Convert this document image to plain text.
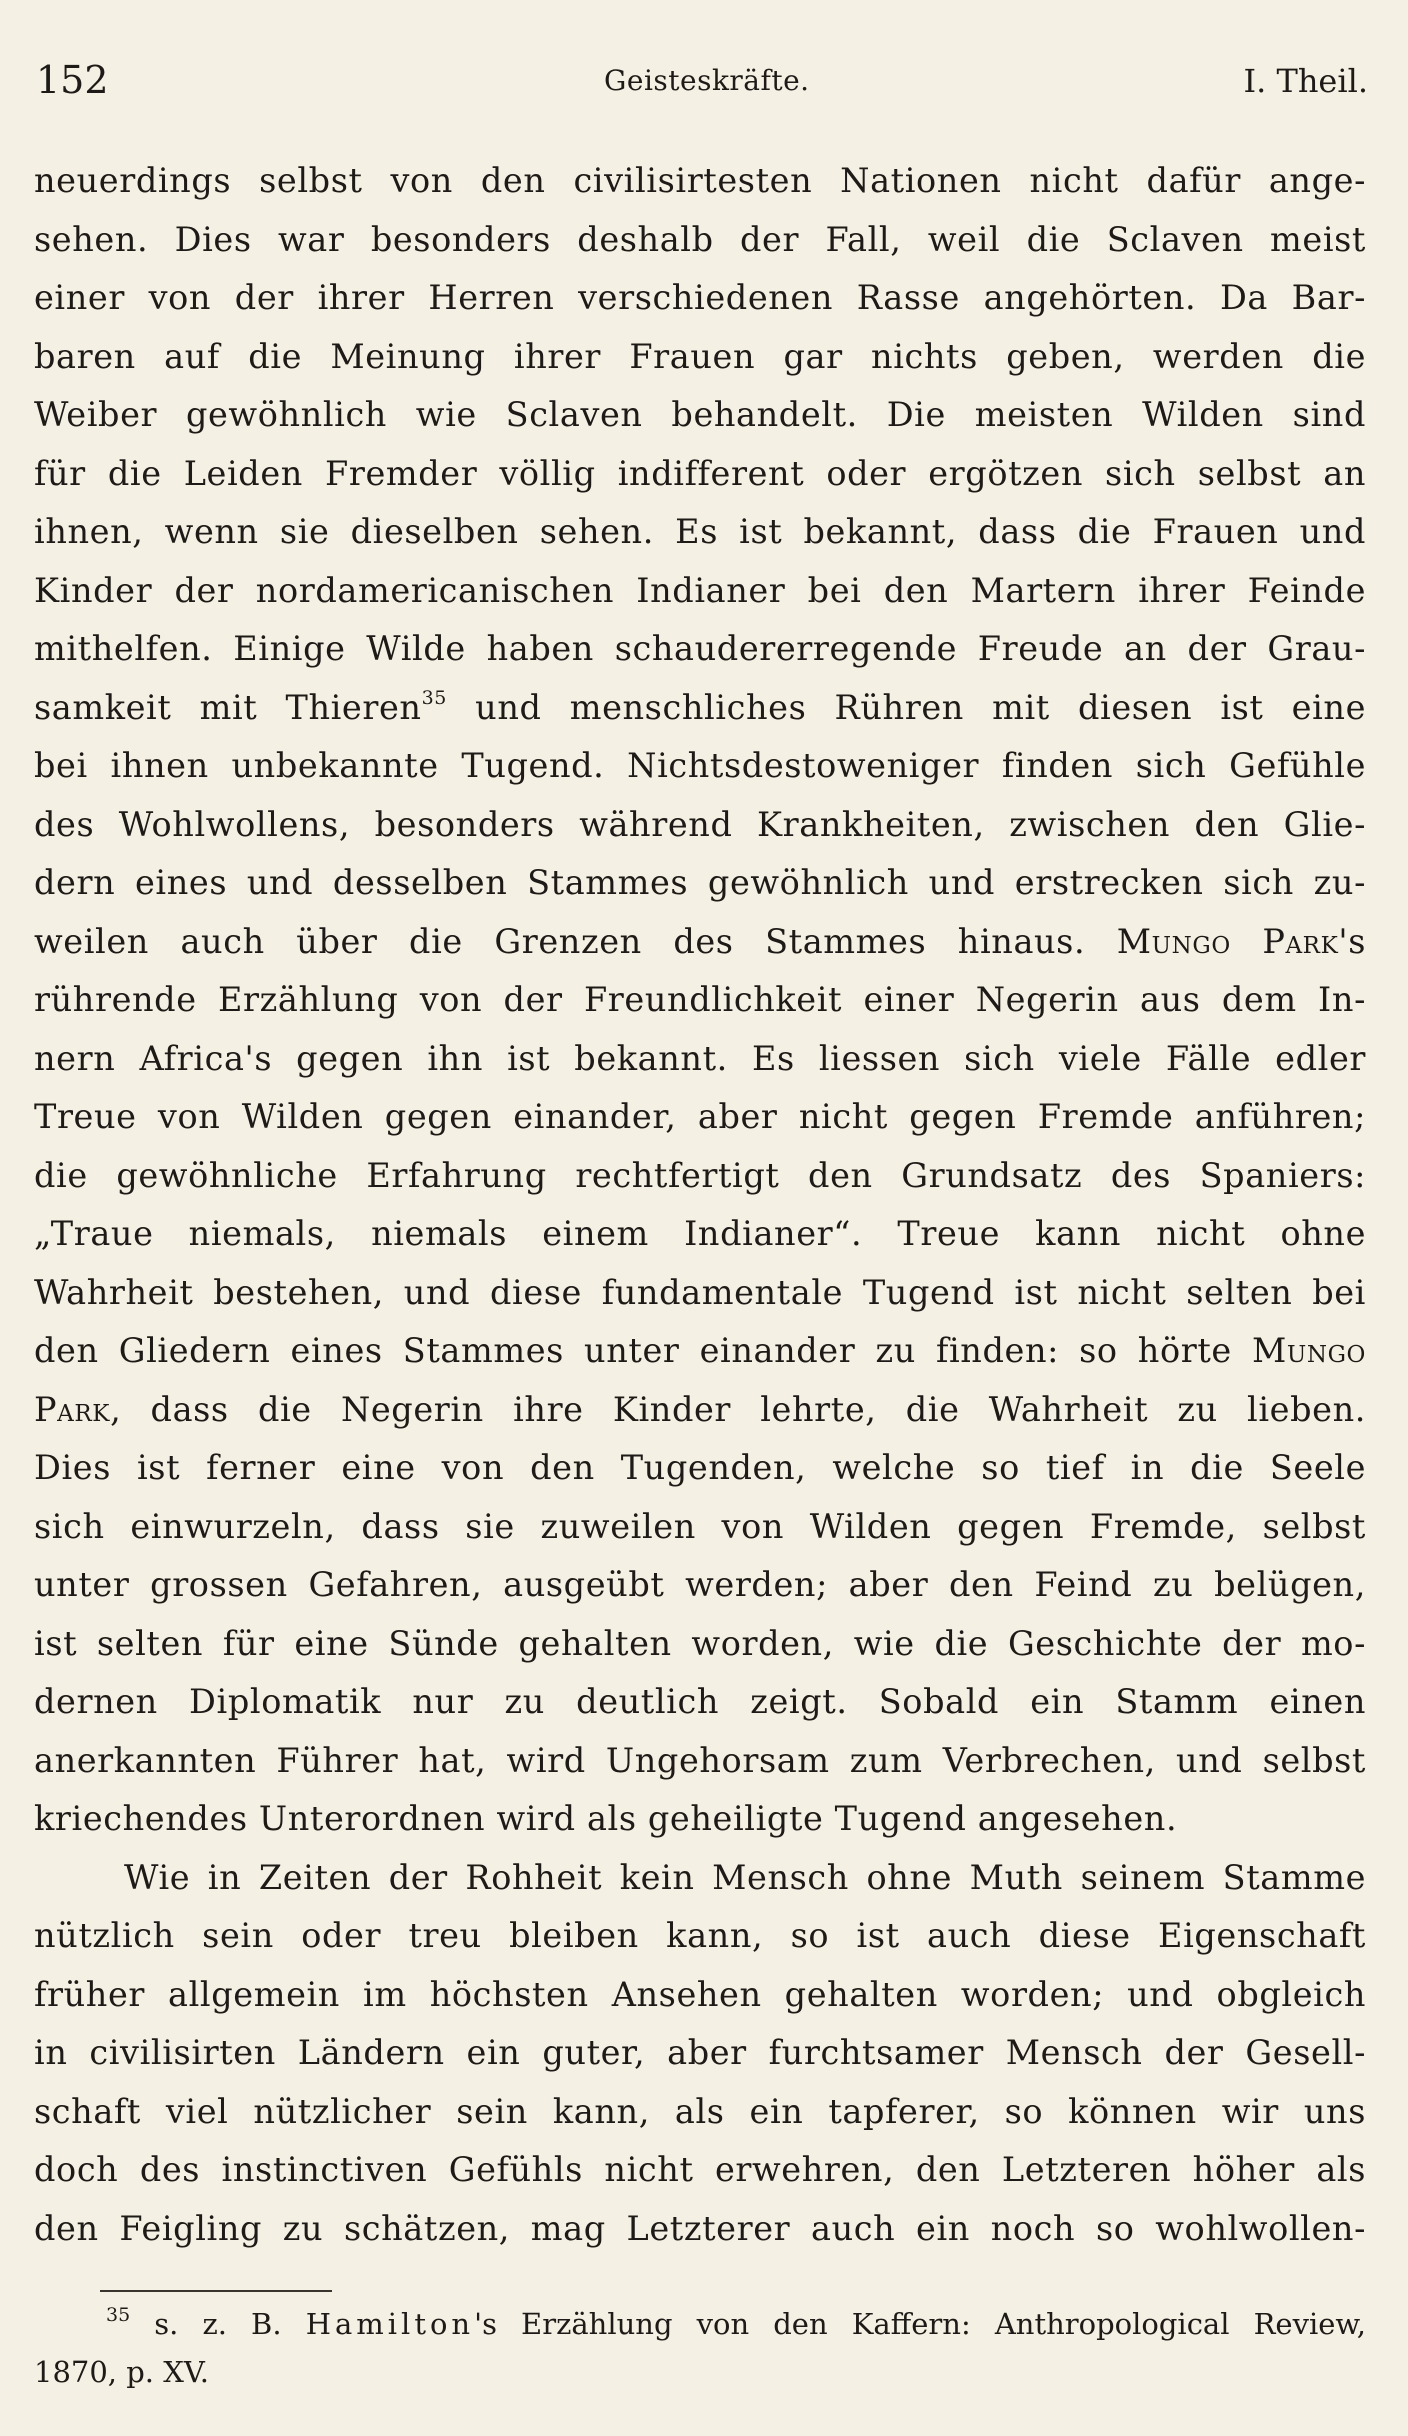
152	Geisteskräfte.	I. Theil.
neuerdings selbst von den civilisirtesten Nationen nicht dafür ange-
sehen. Dies war besonders deshalb der Fall, weil die Sclaven meist
einer von der ihrer Herren verschiedenen Rasse angehörten. Da Bar-
baren auf die Meinung ihrer Frauen gar nichts geben, werden die
Weiber gewöhnlich wie Sclaven behandelt. Die meisten Wilden sind
für die Leiden Fremder völlig indifferent oder ergötzen sich selbst an
ihnen, wenn sie dieselben sehen. Es ist bekannt, dass die Frauen und
Kinder der nordamericanischen Indianer bei den Martern ihrer Feinde
mithelfen. Einige Wilde haben schaudererregende Freude an der Grau-
samkeit mit Thieren$^{35}$ und menschliches Rühren mit diesen ist eine
bei ihnen unbekannte Tugend. Nichtsdestoweniger finden sich Gefühle
des Wohlwollens, besonders während Krankheiten, zwischen den Glie-
dern eines und desselben Stammes gewöhnlich und erstrecken sich zu-
weilen auch über die Grenzen des Stammes hinaus. Mungo Park's
rührende Erzählung von der Freundlichkeit einer Negerin aus dem In-
nern Africa's gegen ihn ist bekannt. Es liessen sich viele Fälle edler
Treue von Wilden gegen einander, aber nicht gegen Fremde anführen;
die gewöhnliche Erfahrung rechtfertigt den Grundsatz des Spaniers:
„Traue niemals, niemals einem Indianer“. Treue kann nicht ohne
Wahrheit bestehen, und diese fundamentale Tugend ist nicht selten bei
den Gliedern eines Stammes unter einander zu finden: so hörte Mungo
Park, dass die Negerin ihre Kinder lehrte, die Wahrheit zu lieben.
Dies ist ferner eine von den Tugenden, welche so tief in die Seele
sich einwurzeln, dass sie zuweilen von Wilden gegen Fremde, selbst
unter grossen Gefahren, ausgeübt werden; aber den Feind zu belügen,
ist selten für eine Sünde gehalten worden, wie die Geschichte der mo-
dernen Diplomatik nur zu deutlich zeigt. Sobald ein Stamm einen
anerkannten Führer hat, wird Ungehorsam zum Verbrechen, und selbst
kriechendes Unterordnen wird als geheiligte Tugend angesehen.
Wie in Zeiten der Rohheit kein Mensch ohne Muth seinem Stamme
nützlich sein oder treu bleiben kann, so ist auch diese Eigenschaft
früher allgemein im höchsten Ansehen gehalten worden; und obgleich
in civilisirten Ländern ein guter, aber furchtsamer Mensch der Gesell-
schaft viel nützlicher sein kann, als ein tapferer, so können wir uns
doch des instinctiven Gefühls nicht erwehren, den Letzteren höher als
den Feigling zu schätzen, mag Letzterer auch ein noch so wohlwollen-
$^{35}$ s. z. B. Hamilton's Erzählung von den Kaffern: Anthropological Review,
1870, p. XV.
